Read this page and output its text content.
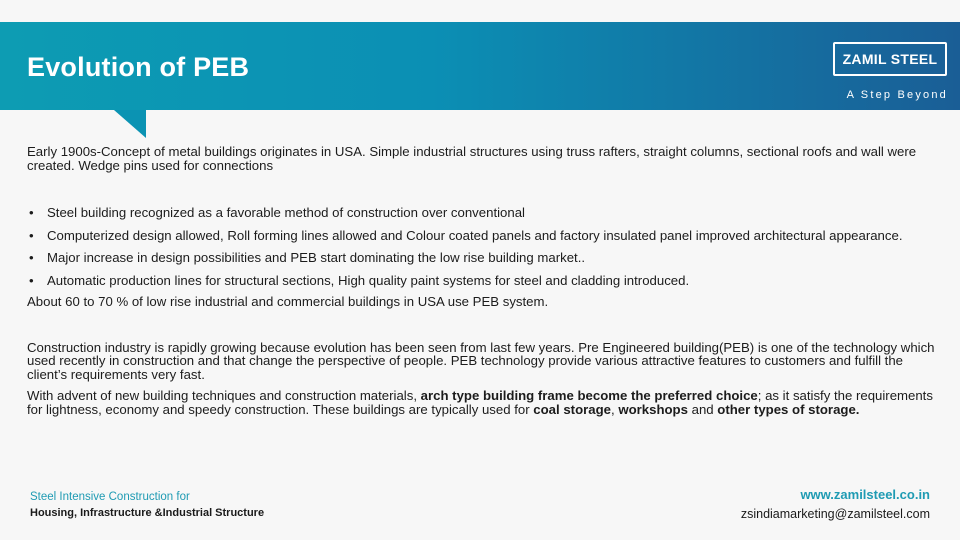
Evolution of PEB	ZAMIL STEEL
A Step Beyond

Early 1900s-Concept of metal buildings originates in USA. Simple industrial structures using truss rafters, straight columns, sectional roofs and wall were created. Wedge pins used for connections

• Steel building recognized as a favorable method of construction over conventional
• Computerized design allowed, Roll forming lines allowed and Colour coated panels and factory insulated panel improved architectural appearance.
• Major increase in design possibilities and PEB start dominating the low rise building market..
• Automatic production lines for structural sections, High quality paint systems for steel and cladding introduced.

About 60 to 70 % of low rise industrial and commercial buildings in USA use PEB system.

Construction industry is rapidly growing because evolution has been seen from last few years. Pre Engineered building(PEB) is one of the technology which used recently in construction and that change the perspective of people. PEB technology provide various attractive features to customers and fulfill the client’s requirements very fast.

With advent of new building techniques and construction materials, arch type building frame become the preferred choice; as it satisfy the requirements for lightness, economy and speedy construction. These buildings are typically used for coal storage, workshops and other types of storage.

Steel Intensive Construction for
Housing, Infrastructure &Industrial Structure
www.zamilsteel.co.in
zsindiamarketing@zamilsteel.com
